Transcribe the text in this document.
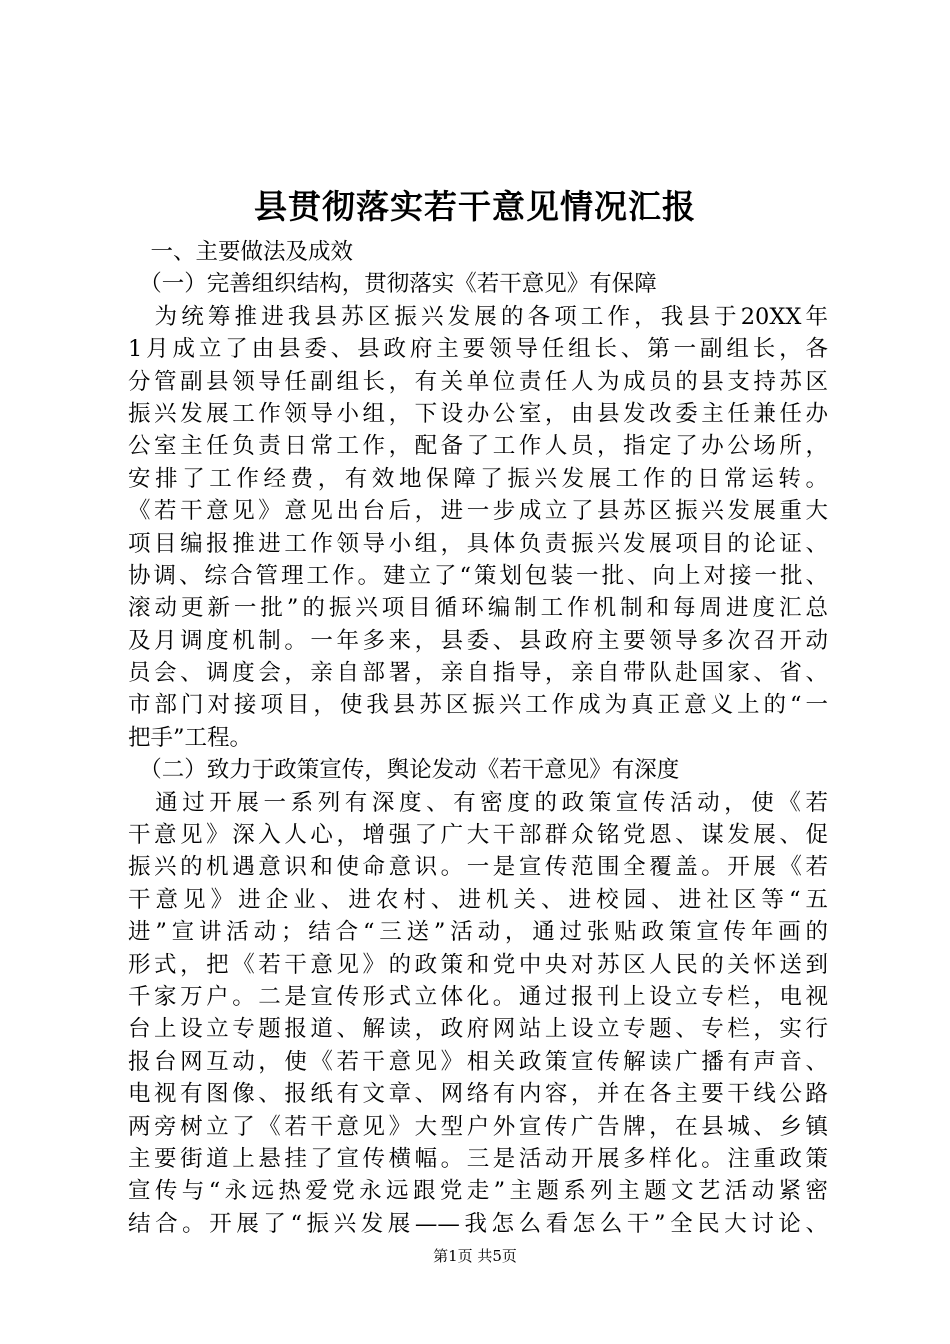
县贯彻落实若干意见情况汇报
　一、主要做法及成效
　（一）完善组织结构，贯彻落实《若干意见》有保障
　为统筹推进我县苏区振兴发展的各项工作，我县于20XX年
1月成立了由县委、县政府主要领导任组长、第一副组长，各
分管副县领导任副组长，有关单位责任人为成员的县支持苏区
振兴发展工作领导小组，下设办公室，由县发改委主任兼任办
公室主任负责日常工作，配备了工作人员，指定了办公场所，
安排了工作经费，有效地保障了振兴发展工作的日常运转。
《若干意见》意见出台后，进一步成立了县苏区振兴发展重大
项目编报推进工作领导小组，具体负责振兴发展项目的论证、
协调、综合管理工作。建立了“策划包装一批、向上对接一批、
滚动更新一批”的振兴项目循环编制工作机制和每周进度汇总
及月调度机制。一年多来，县委、县政府主要领导多次召开动
员会、调度会，亲自部署，亲自指导，亲自带队赴国家、省、
市部门对接项目，使我县苏区振兴工作成为真正意义上的“一
把手”工程。
　（二）致力于政策宣传，舆论发动《若干意见》有深度
　通过开展一系列有深度、有密度的政策宣传活动，使《若
干意见》深入人心，增强了广大干部群众铭党恩、谋发展、促
振兴的机遇意识和使命意识。一是宣传范围全覆盖。开展《若
干意见》进企业、进农村、进机关、进校园、进社区等“五
进”宣讲活动；结合“三送”活动，通过张贴政策宣传年画的
形式，把《若干意见》的政策和党中央对苏区人民的关怀送到
千家万户。二是宣传形式立体化。通过报刊上设立专栏，电视
台上设立专题报道、解读，政府网站上设立专题、专栏，实行
报台网互动，使《若干意见》相关政策宣传解读广播有声音、
电视有图像、报纸有文章、网络有内容，并在各主要干线公路
两旁树立了《若干意见》大型户外宣传广告牌，在县城、乡镇
主要街道上悬挂了宣传横幅。三是活动开展多样化。注重政策
宣传与“永远热爱党永远跟党走”主题系列主题文艺活动紧密
结合。开展了“振兴发展——我怎么看怎么干”全民大讨论、
第1页 共5页
